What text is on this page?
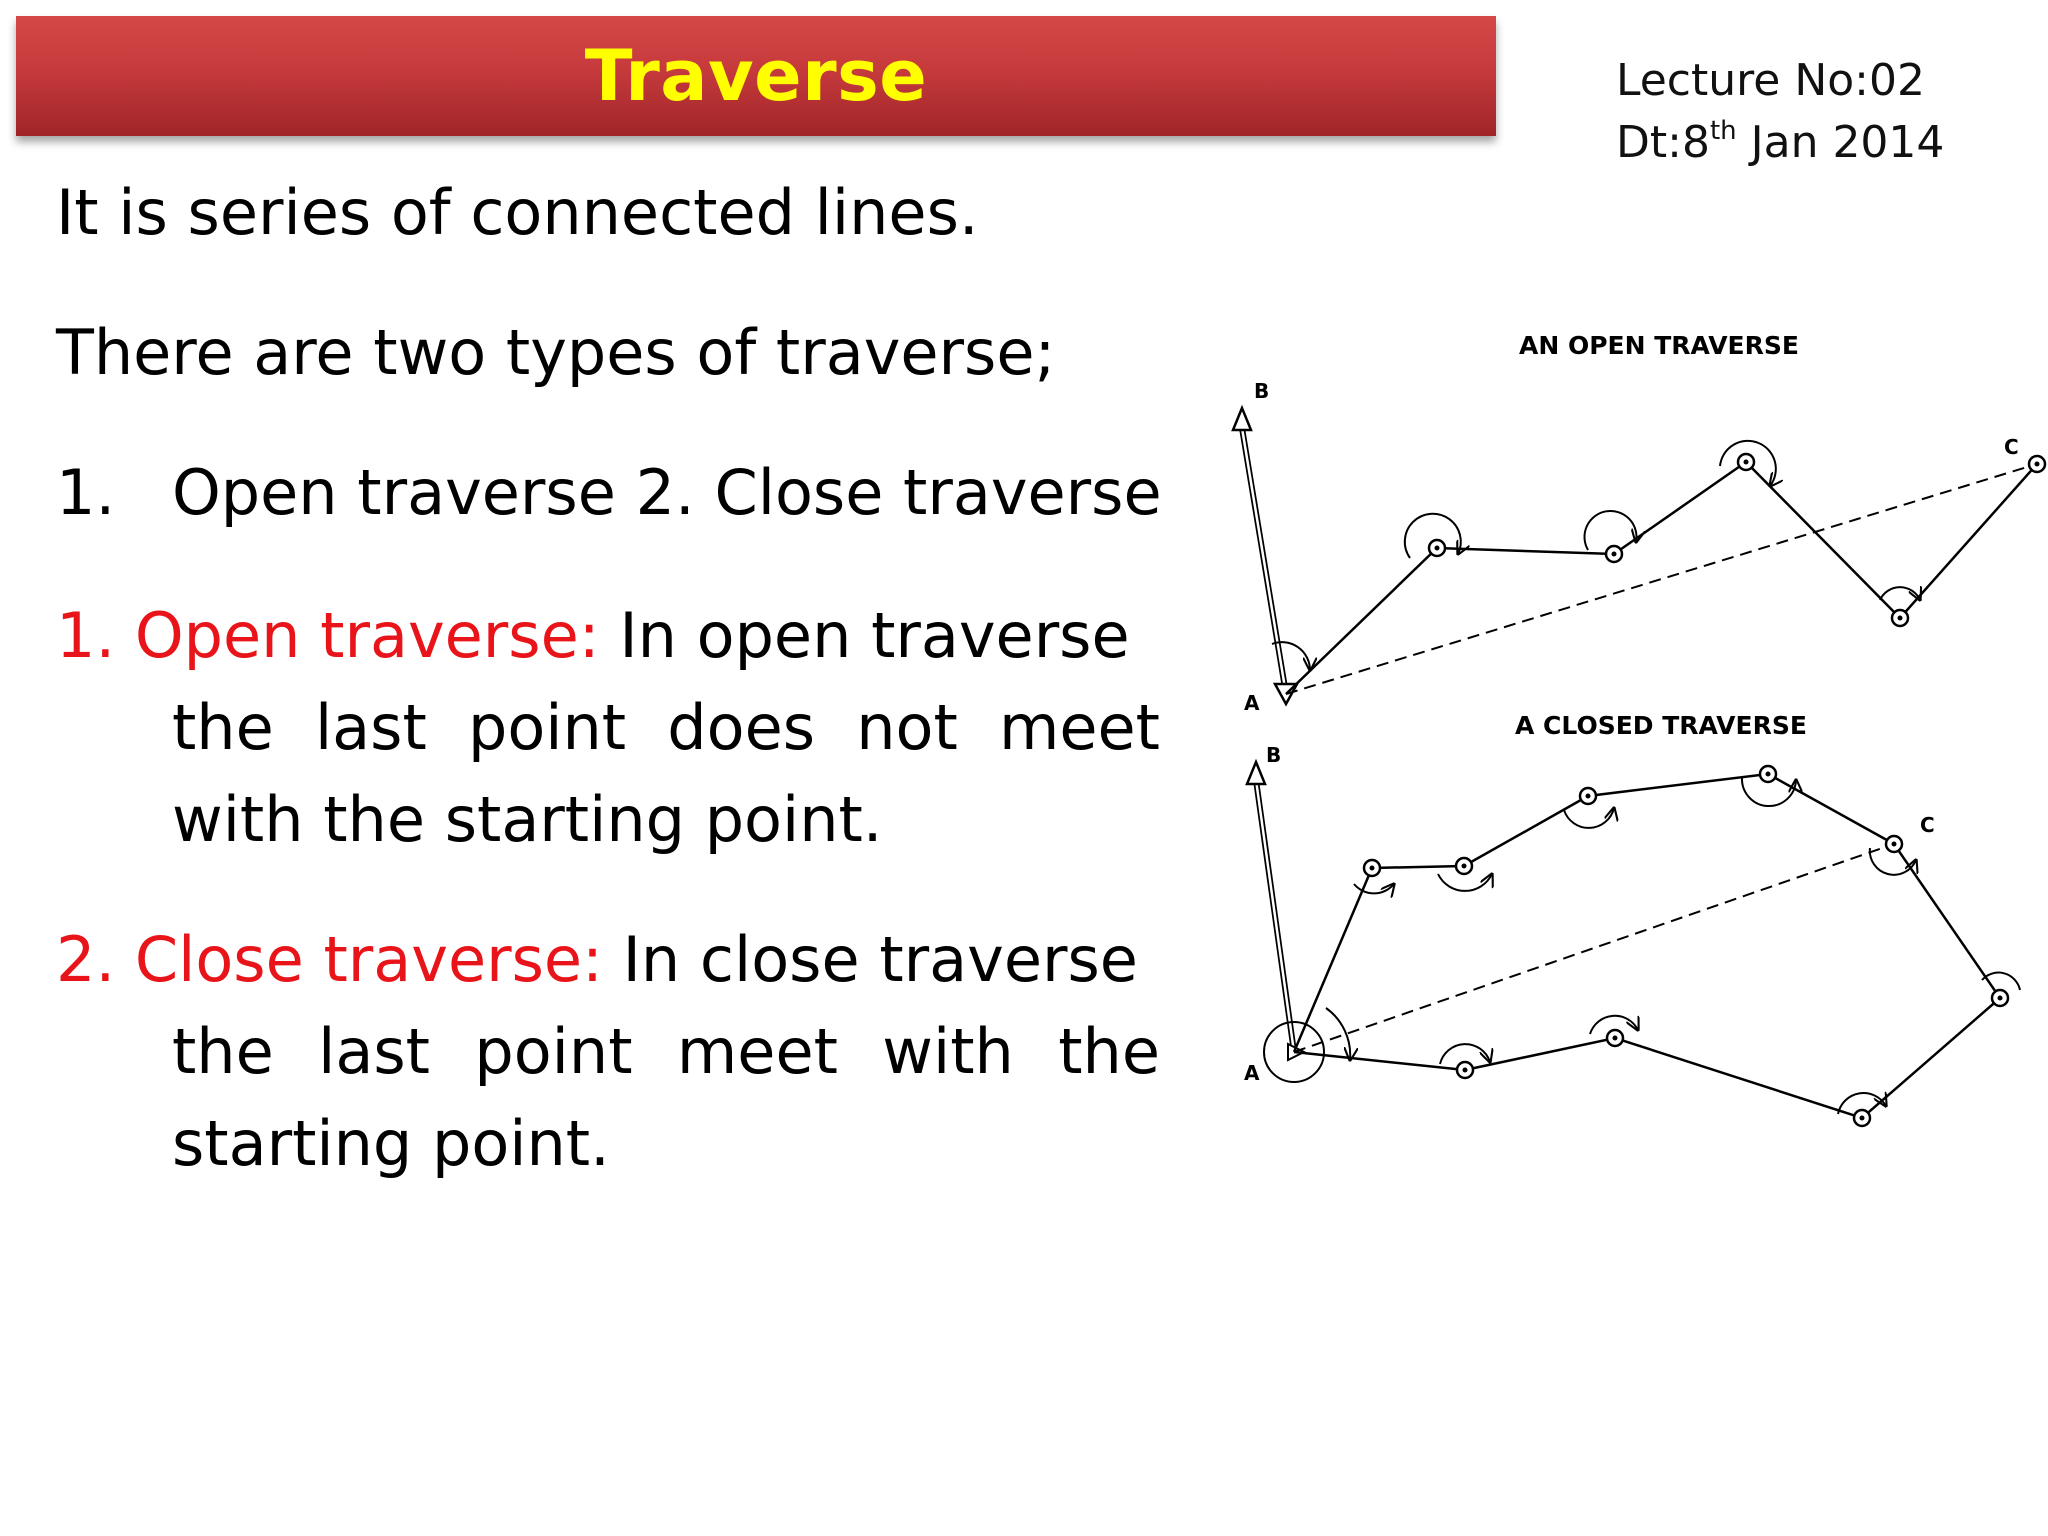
Traverse	Lecture No:02
Dt:8th Jan 2014
It is series of connected lines.
There are two types of traverse;
1. Open traverse 2. Close traverse
1. Open traverse: In open traverse
the last point does not meet with the starting point.
2. Close traverse: In close traverse
the last point meet with the starting point.
AN OPEN TRAVERSE
B
A
C
A CLOSED TRAVERSE
B
A
C
